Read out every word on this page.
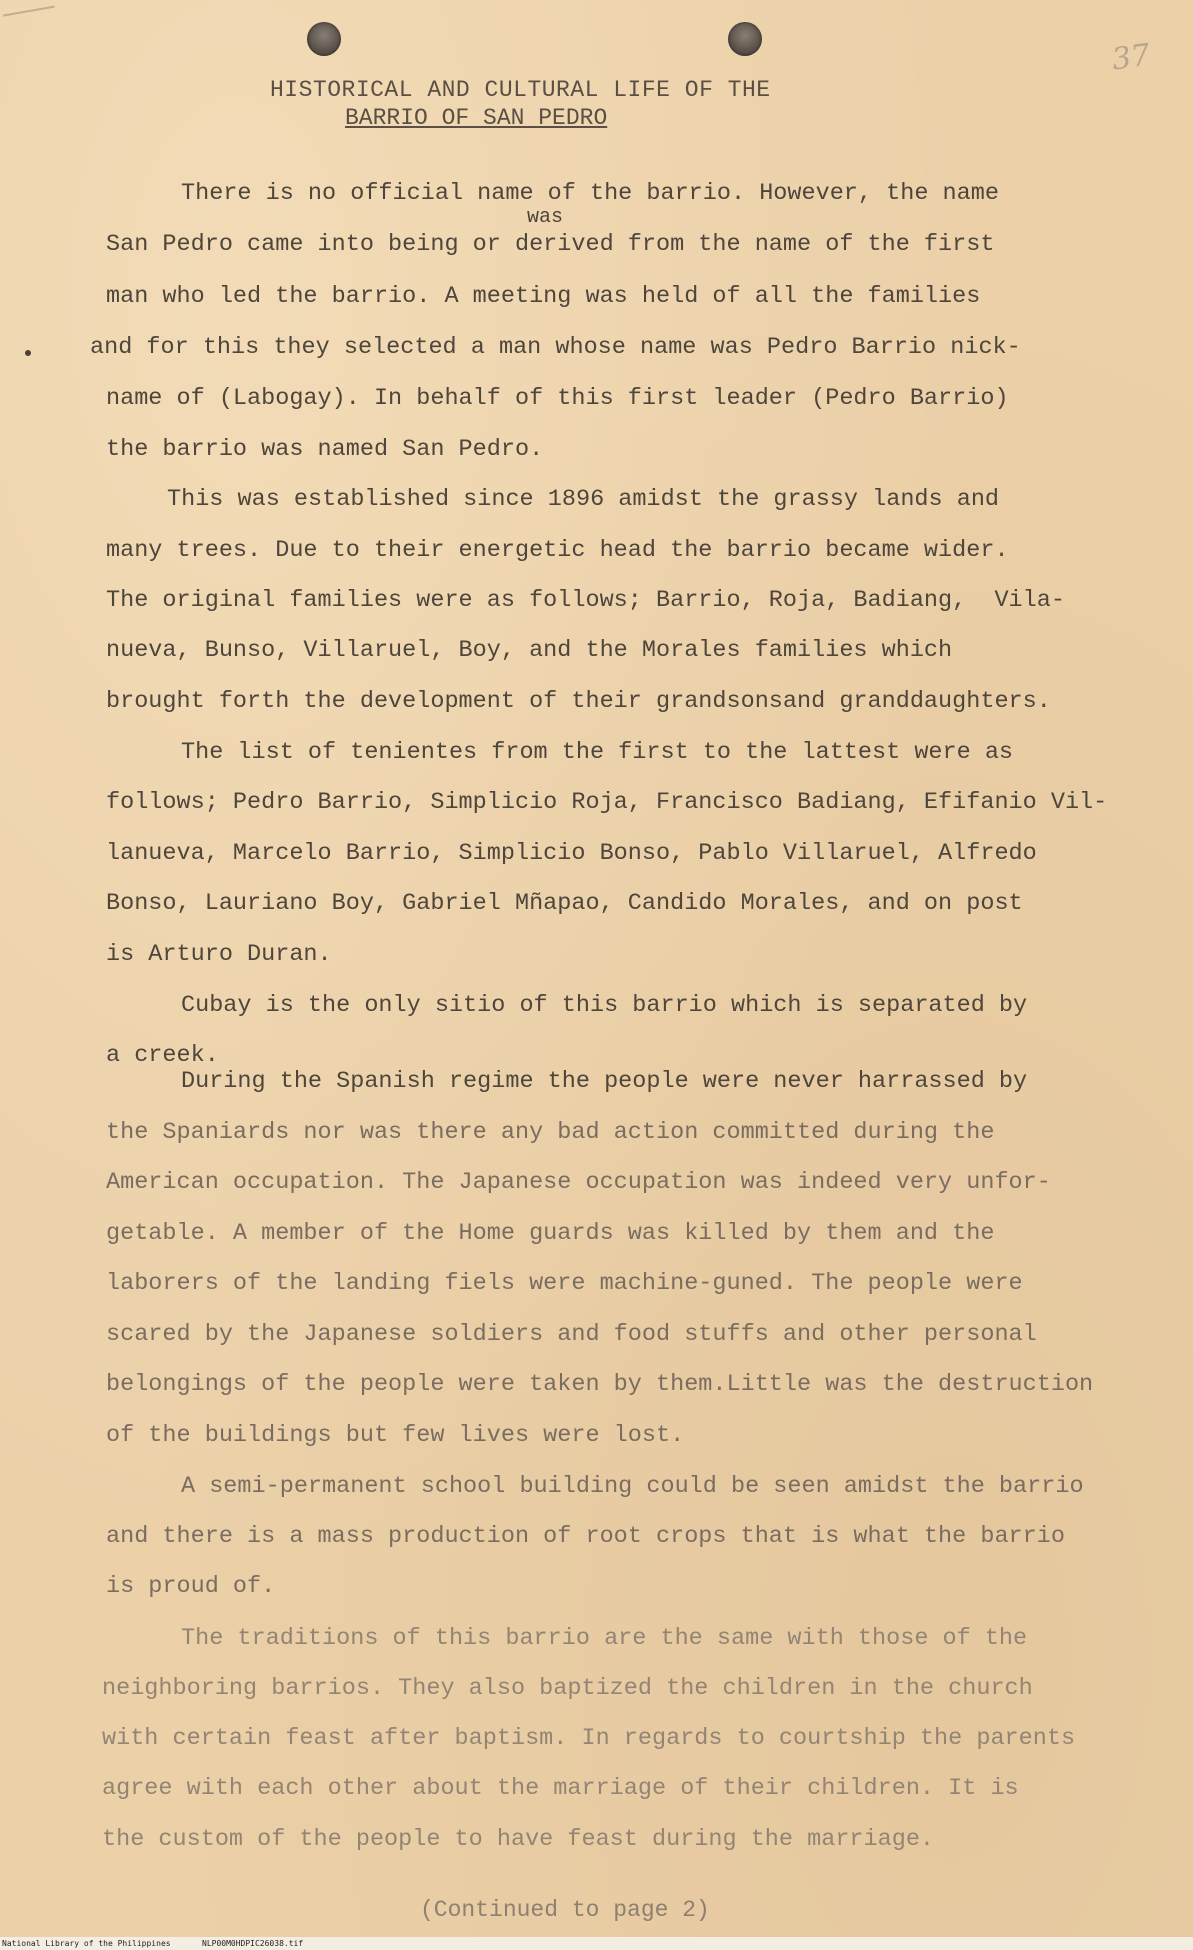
37
HISTORICAL AND CULTURAL LIFE OF THE
BARRIO OF SAN PEDRO
was
There is no official name of the barrio. However, the name
San Pedro came into being or derived from the name of the first
man who led the barrio. A meeting was held of all the families
and for this they selected a man whose name was Pedro Barrio nick-
name of (Labogay). In behalf of this first leader (Pedro Barrio)
the barrio was named San Pedro.
This was established since 1896 amidst the grassy lands and
many trees. Due to their energetic head the barrio became wider.
The original families were as follows; Barrio, Roja, Badiang,  Vila-
nueva, Bunso, Villaruel, Boy, and the Morales families which
brought forth the development of their grandsonsand granddaughters.
The list of tenientes from the first to the lattest were as
follows; Pedro Barrio, Simplicio Roja, Francisco Badiang, Efifanio Vil-
lanueva, Marcelo Barrio, Simplicio Bonso, Pablo Villaruel, Alfredo
Bonso, Lauriano Boy, Gabriel Mñapao, Candido Morales, and on post
is Arturo Duran.
Cubay is the only sitio of this barrio which is separated by
a creek.
During the Spanish regime the people were never harrassed by
the Spaniards nor was there any bad action committed during the
American occupation. The Japanese occupation was indeed very unfor-
getable. A member of the Home guards was killed by them and the
laborers of the landing fiels were machine-guned. The people were
scared by the Japanese soldiers and food stuffs and other personal
belongings of the people were taken by them.Little was the destruction
of the buildings but few lives were lost.
A semi-permanent school building could be seen amidst the barrio
and there is a mass production of root crops that is what the barrio
is proud of.
The traditions of this barrio are the same with those of the
neighboring barrios. They also baptized the children in the church
with certain feast after baptism. In regards to courtship the parents
agree with each other about the marriage of their children. It is
the custom of the people to have feast during the marriage.
(Continued to page 2)
National Library of the Philippines	NLP00M0HDPIC26038.tif
